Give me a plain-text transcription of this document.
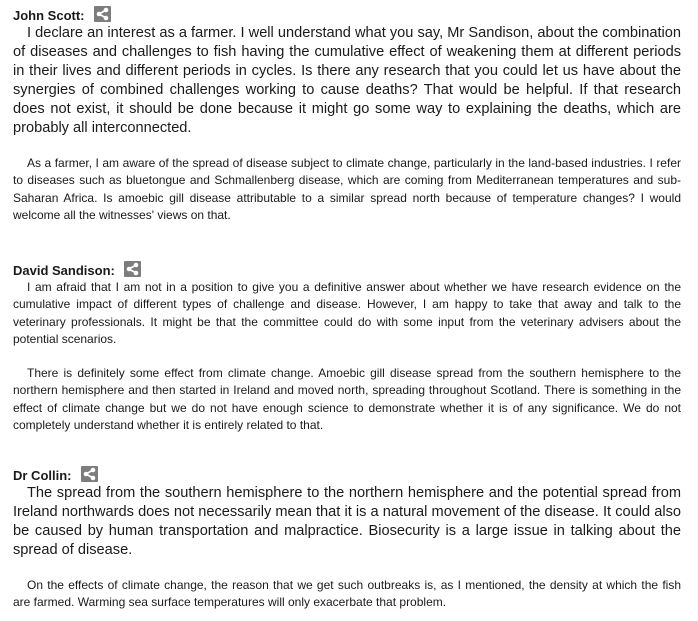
John Scott:

I declare an interest as a farmer. I well understand what you say, Mr Sandison, about the combination of diseases and challenges to fish having the cumulative effect of weakening them at different periods in their lives and different periods in cycles. Is there any research that you could let us have about the synergies of combined challenges working to cause deaths? That would be helpful. If that research does not exist, it should be done because it might go some way to explaining the deaths, which are probably all interconnected.

As a farmer, I am aware of the spread of disease subject to climate change, particularly in the land-based industries. I refer to diseases such as bluetongue and Schmallenberg disease, which are coming from Mediterranean temperatures and sub-Saharan Africa. Is amoebic gill disease attributable to a similar spread north because of temperature changes? I would welcome all the witnesses' views on that.

David Sandison:

I am afraid that I am not in a position to give you a definitive answer about whether we have research evidence on the cumulative impact of different types of challenge and disease. However, I am happy to take that away and talk to the veterinary professionals. It might be that the committee could do with some input from the veterinary advisers about the potential scenarios.

There is definitely some effect from climate change. Amoebic gill disease spread from the southern hemisphere to the northern hemisphere and then started in Ireland and moved north, spreading throughout Scotland. There is something in the effect of climate change but we do not have enough science to demonstrate whether it is of any significance. We do not completely understand whether it is entirely related to that.

Dr Collin:

The spread from the southern hemisphere to the northern hemisphere and the potential spread from Ireland northwards does not necessarily mean that it is a natural movement of the disease. It could also be caused by human transportation and malpractice. Biosecurity is a large issue in talking about the spread of disease.

On the effects of climate change, the reason that we get such outbreaks is, as I mentioned, the density at which the fish are farmed. Warming sea surface temperatures will only exacerbate that problem.
